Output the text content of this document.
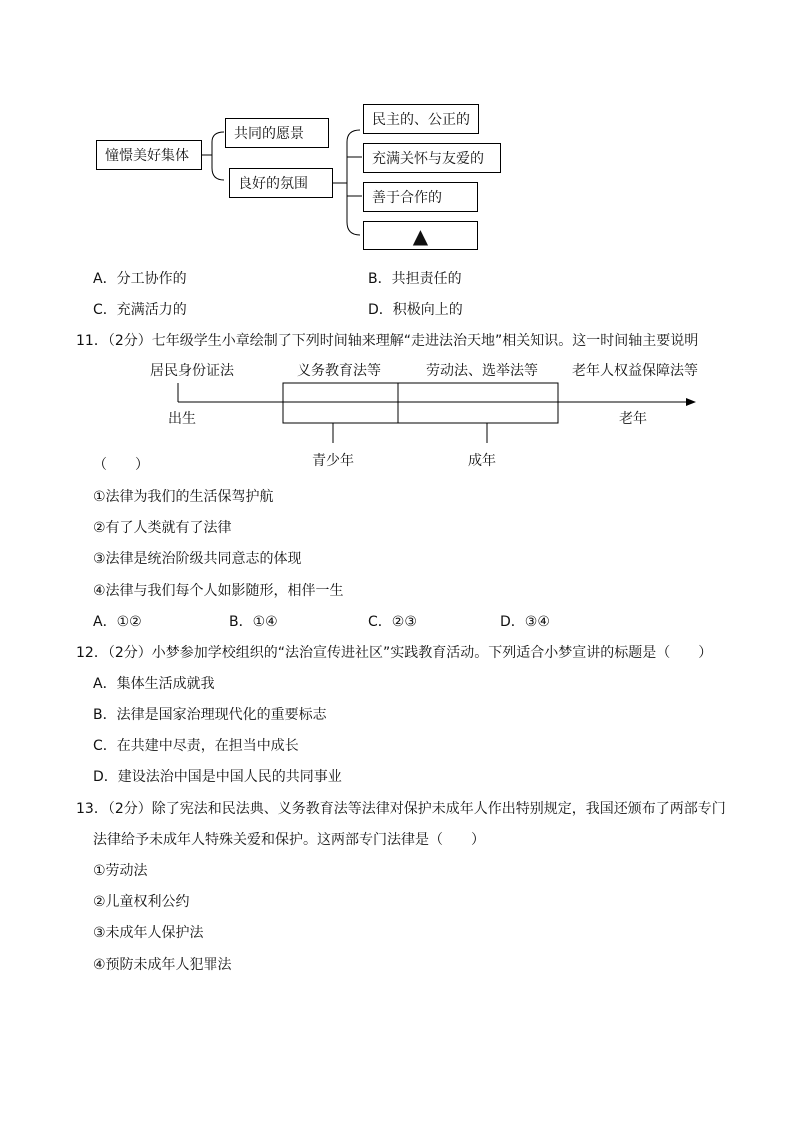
憧憬美好集体
共同的愿景
良好的氛围
民主的、公正的
充满关怀与友爱的
善于合作的
▲
A．分工协作的	B．共担责任的
C．充满活力的	D．积极向上的
11．（2分）七年级学生小章绘制了下列时间轴来理解“走进法治天地”相关知识。这一时间轴主要说明
居民身份证法	义务教育法等	劳动法、选举法等 老年人权益保障法等
出生	老年
青少年	成年
（　　）
①法律为我们的生活保驾护航
②有了人类就有了法律
③法律是统治阶级共同意志的体现
④法律与我们每个人如影随形，相伴一生
A．①②	B．①④	C．②③	D．③④
12．（2分）小梦参加学校组织的“法治宣传进社区”实践教育活动。下列适合小梦宣讲的标题是（　　）
A．集体生活成就我
B．法律是国家治理现代化的重要标志
C．在共建中尽责，在担当中成长
D．建设法治中国是中国人民的共同事业
13．（2分）除了宪法和民法典、义务教育法等法律对保护未成年人作出特别规定，我国还颁布了两部专门
法律给予未成年人特殊关爱和保护。这两部专门法律是（　　）
①劳动法
②儿童权利公约
③未成年人保护法
④预防未成年人犯罪法
